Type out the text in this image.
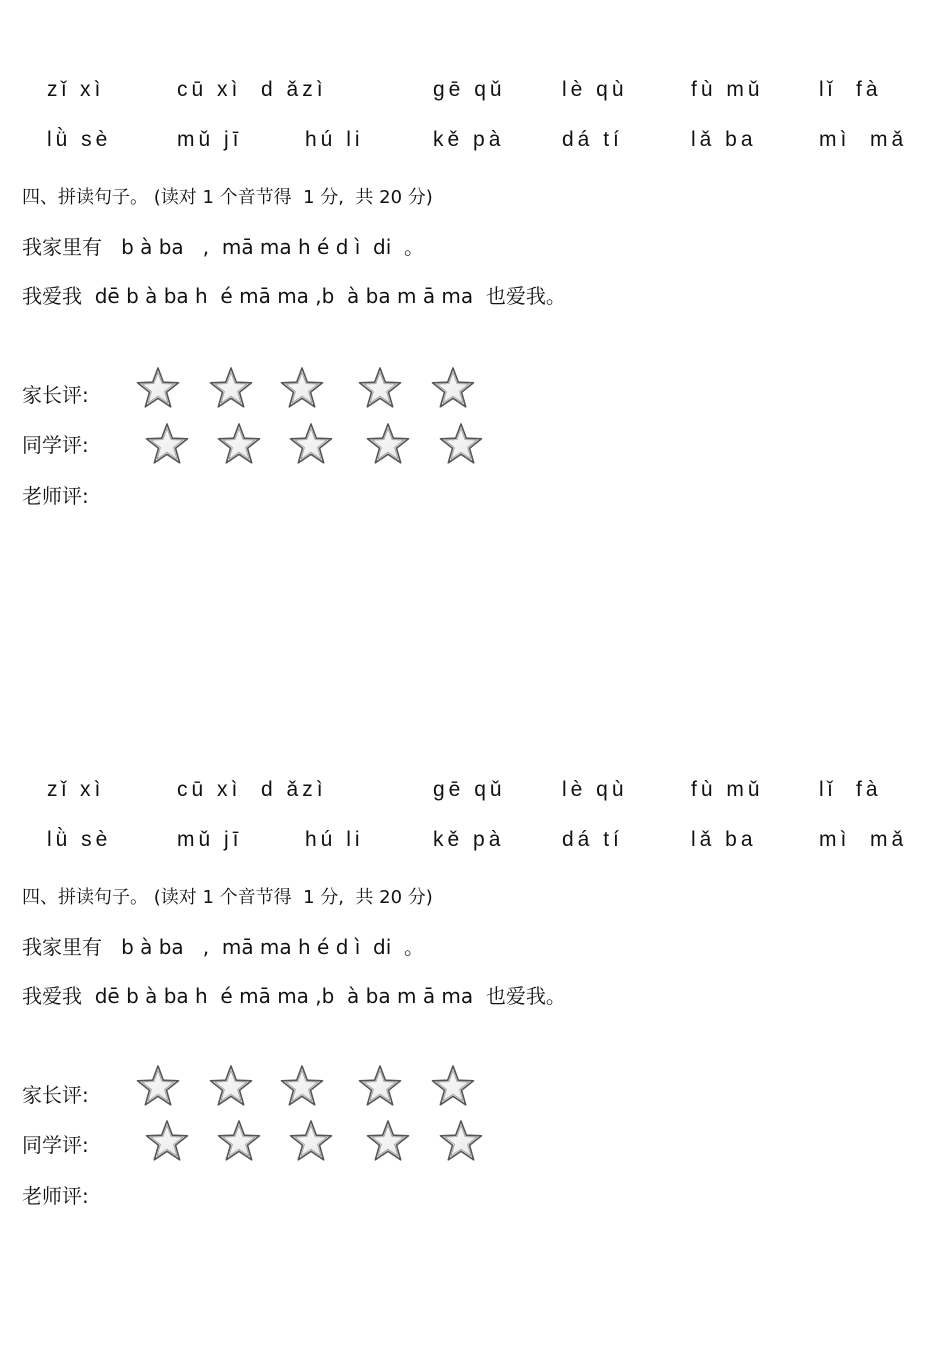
zǐ xì	cū xì  d ǎzì	gē qǔ	lè qù	fù mǔ	lǐ  fà
lǜ sè	mǔ jī	hú li	kě pà	dá tí	lǎ ba	mì  mǎ
四、拼读句子。 (读对 1 个音节得  1 分,  共 20 分)
我家里有   b à ba   ,  mā ma h é d ì  di  。
我爱我  dē b à ba h  é mā ma ,b  à ba m ā ma  也爱我。
家长评:
同学评:
老师评:
zǐ xì	cū xì  d ǎzì	gē qǔ	lè qù	fù mǔ	lǐ  fà
lǜ sè	mǔ jī	hú li	kě pà	dá tí	lǎ ba	mì  mǎ
四、拼读句子。 (读对 1 个音节得  1 分,  共 20 分)
我家里有   b à ba   ,  mā ma h é d ì  di  。
我爱我  dē b à ba h  é mā ma ,b  à ba m ā ma  也爱我。
家长评:
同学评:
老师评:
